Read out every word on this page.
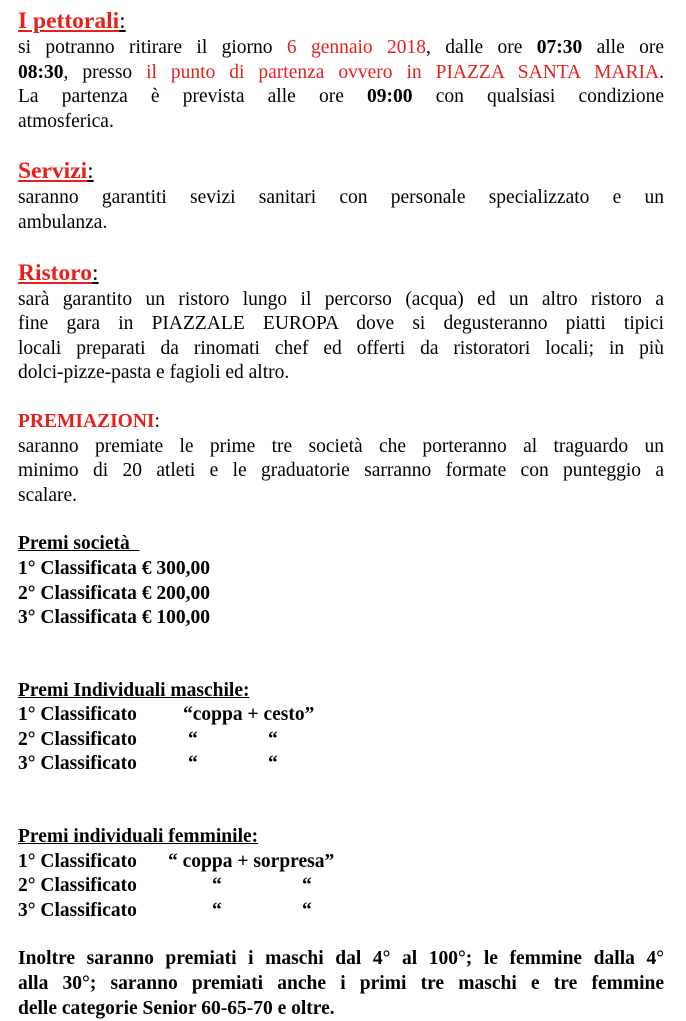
I pettorali:
si potranno ritirare il giorno 6 gennaio 2018, dalle ore 07:30 alle ore
08:30, presso il punto di partenza ovvero in PIAZZA SANTA MARIA.
La partenza è prevista alle ore 09:00 con qualsiasi condizione
atmosferica.
Servizi:
saranno garantiti sevizi sanitari con personale specializzato e un
ambulanza.
Ristoro:
sarà garantito un ristoro lungo il percorso (acqua) ed un altro ristoro a
fine gara in PIAZZALE EUROPA dove si degusteranno piatti tipici
locali preparati da rinomati chef ed offerti da ristoratori locali; in più
dolci-pizze-pasta e fagioli ed altro.
PREMIAZIONI:
saranno premiate le prime tre società che porteranno al traguardo un
minimo di 20 atleti e le graduatorie sarranno formate con punteggio a
scalare.
Premi società
1° Classificata € 300,00
2° Classificata € 200,00
3° Classificata € 100,00
Premi Individuali maschile:
1° Classificato	“coppa + cesto”
2° Classificato	“	“
3° Classificato	“	“
Premi individuali femminile:
1° Classificato	“ coppa + sorpresa”
2° Classificato	“	“
3° Classificato	“	“
Inoltre saranno premiati i maschi dal 4° al 100°; le femmine dalla 4°
alla 30°; saranno premiati anche i primi tre maschi e tre femmine
delle categorie Senior 60-65-70 e oltre.
